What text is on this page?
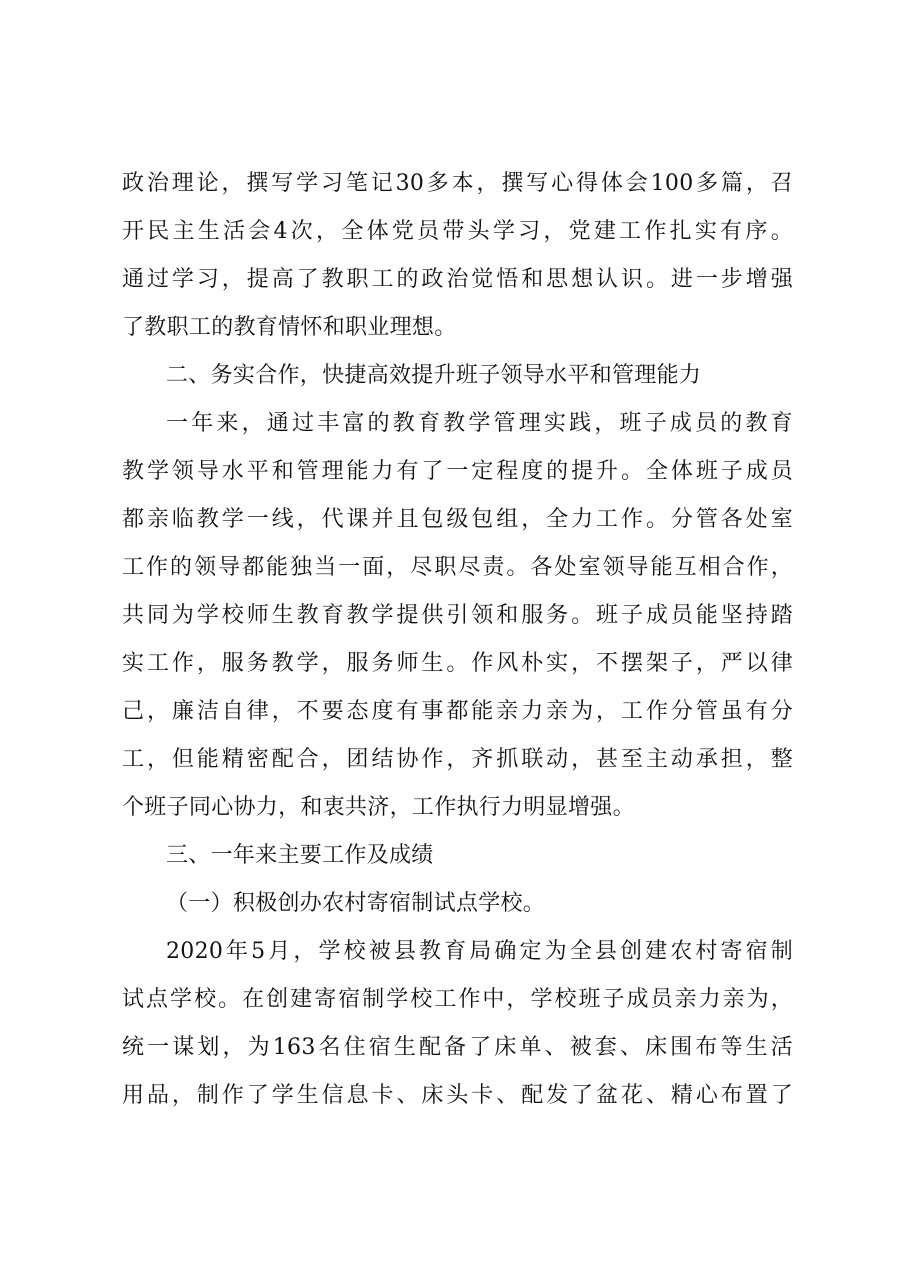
政治理论，撰写学习笔记30多本，撰写心得体会100多篇，召
开民主生活会4次，全体党员带头学习，党建工作扎实有序。
通过学习，提高了教职工的政治觉悟和思想认识。进一步增强
了教职工的教育情怀和职业理想。
二、务实合作，快捷高效提升班子领导水平和管理能力
一年来，通过丰富的教育教学管理实践，班子成员的教育
教学领导水平和管理能力有了一定程度的提升。全体班子成员
都亲临教学一线，代课并且包级包组，全力工作。分管各处室
工作的领导都能独当一面，尽职尽责。各处室领导能互相合作，
共同为学校师生教育教学提供引领和服务。班子成员能坚持踏
实工作，服务教学，服务师生。作风朴实，不摆架子，严以律
己，廉洁自律，不要态度有事都能亲力亲为，工作分管虽有分
工，但能精密配合，团结协作，齐抓联动，甚至主动承担，整
个班子同心协力，和衷共济，工作执行力明显增强。
三、一年来主要工作及成绩
（一）积极创办农村寄宿制试点学校。
2020年5月，学校被县教育局确定为全县创建农村寄宿制
试点学校。在创建寄宿制学校工作中，学校班子成员亲力亲为，
统一谋划，为163名住宿生配备了床单、被套、床围布等生活
用品，制作了学生信息卡、床头卡、配发了盆花、精心布置了
